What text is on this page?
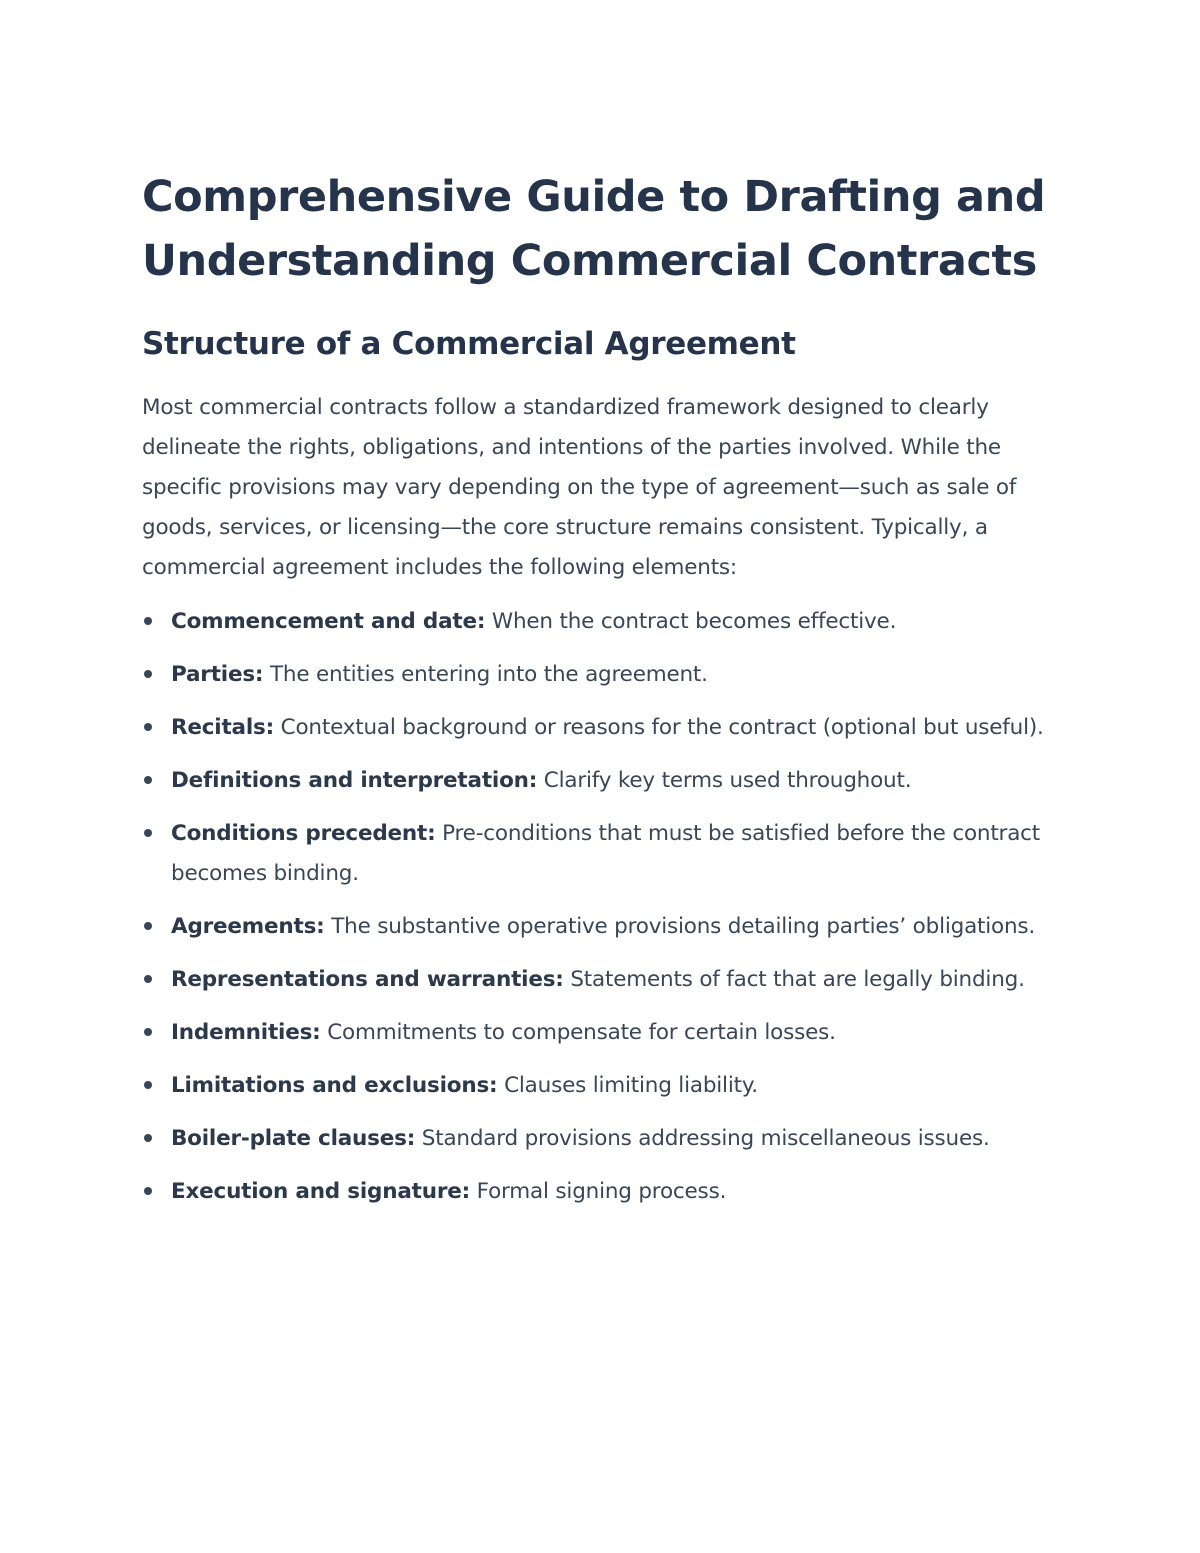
Comprehensive Guide to Drafting and Understanding Commercial Contracts
Structure of a Commercial Agreement

Most commercial contracts follow a standardized framework designed to clearly delineate the rights, obligations, and intentions of the parties involved. While the specific provisions may vary depending on the type of agreement—such as sale of goods, services, or licensing—the core structure remains consistent. Typically, a commercial agreement includes the following elements:

Commencement and date: When the contract becomes effective.
Parties: The entities entering into the agreement.
Recitals: Contextual background or reasons for the contract (optional but useful).
Definitions and interpretation: Clarify key terms used throughout.
Conditions precedent: Pre-conditions that must be satisfied before the contract becomes binding.
Agreements: The substantive operative provisions detailing parties’ obligations.
Representations and warranties: Statements of fact that are legally binding.
Indemnities: Commitments to compensate for certain losses.
Limitations and exclusions: Clauses limiting liability.
Boiler-plate clauses: Standard provisions addressing miscellaneous issues.
Execution and signature: Formal signing process.
